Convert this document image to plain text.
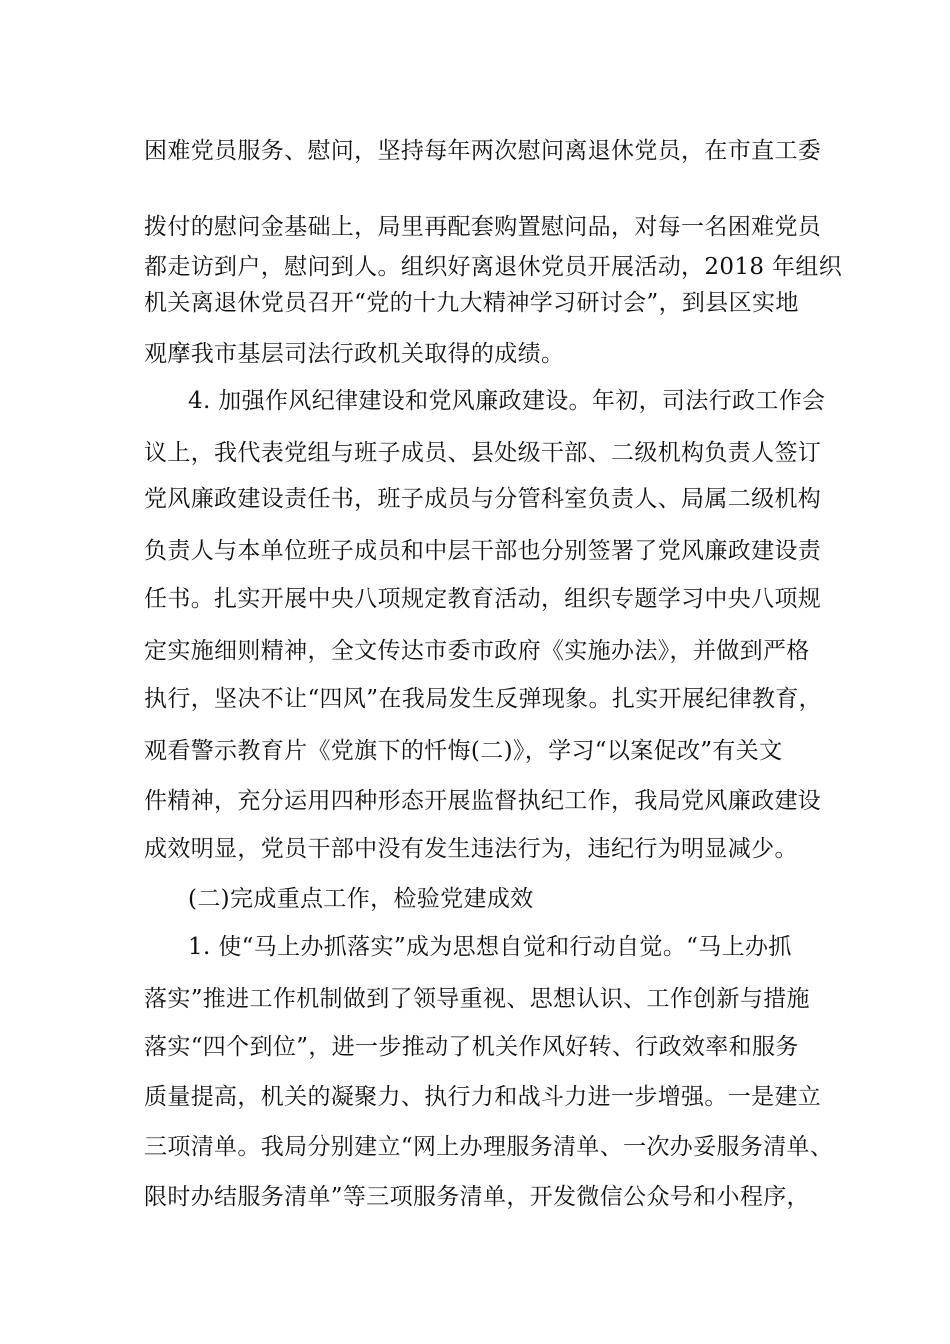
困难党员服务、慰问，坚持每年两次慰问离退休党员，在市直工委

拨付的慰问金基础上，局里再配套购置慰问品，对每一名困难党员

都走访到户，慰问到人。组织好离退休党员开展活动，2018 年组织

机关离退休党员召开“党的十九大精神学习研讨会”，到县区实地

观摩我市基层司法行政机关取得的成绩。

4. 加强作风纪律建设和党风廉政建设。年初，司法行政工作会

议上，我代表党组与班子成员、县处级干部、二级机构负责人签订

党风廉政建设责任书，班子成员与分管科室负责人、局属二级机构

负责人与本单位班子成员和中层干部也分别签署了党风廉政建设责

任书。扎实开展中央八项规定教育活动，组织专题学习中央八项规

定实施细则精神，全文传达市委市政府《实施办法》，并做到严格

执行，坚决不让“四风”在我局发生反弹现象。扎实开展纪律教育，

观看警示教育片《党旗下的忏悔(二)》，学习“以案促改”有关文

件精神，充分运用四种形态开展监督执纪工作，我局党风廉政建设

成效明显，党员干部中没有发生违法行为，违纪行为明显减少。

(二)完成重点工作，检验党建成效

1. 使“马上办抓落实”成为思想自觉和行动自觉。“马上办抓

落实”推进工作机制做到了领导重视、思想认识、工作创新与措施

落实“四个到位”，进一步推动了机关作风好转、行政效率和服务

质量提高，机关的凝聚力、执行力和战斗力进一步增强。一是建立

三项清单。我局分别建立“网上办理服务清单、一次办妥服务清单、

限时办结服务清单”等三项服务清单，开发微信公众号和小程序，
